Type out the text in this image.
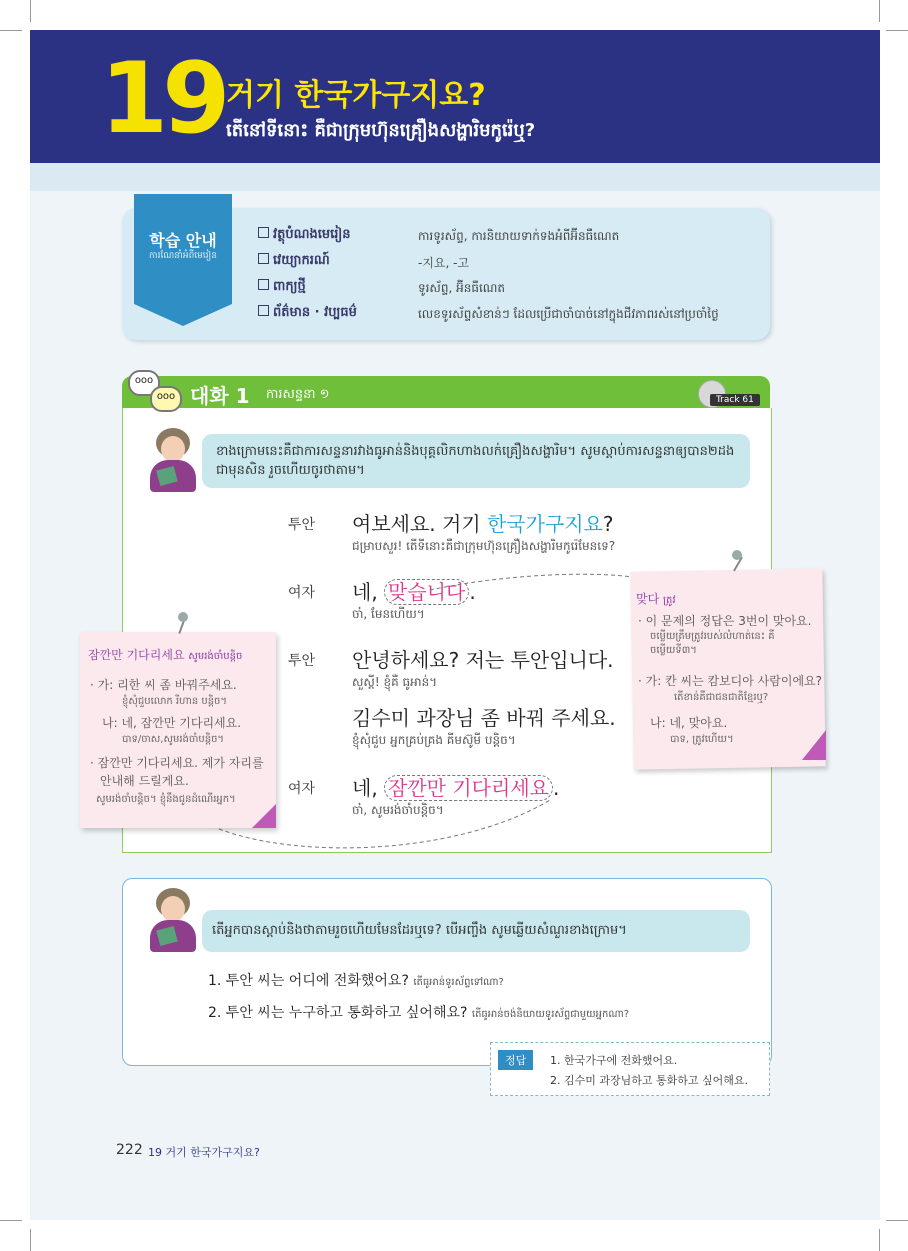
19 거기 한국가구지요?
តើនៅទីនោះ គឺជាក្រុមហ៊ុនគ្រឿងសង្ហារិមកូរ៉េឬ?
학습 안내
ការណែនាំអំពីមេរៀន
វត្ថុបំណងមេរៀន	ការទូរស័ព្ទ, ការនិយាយទាក់ទងអំពីអ៊ីនធឺណេត
វេយ្យាករណ៍	-지요, -고
ពាក្យថ្មី	ទូរស័ព្ទ, អ៊ីនធឺណេត
ព័ត៌មាន · វប្បធម៌	លេខទូរស័ព្ទសំខាន់ៗ ដែលប្រើជាចាំបាច់នៅក្នុងជីវភាពរស់នៅប្រចាំថ្ងៃ
ooo
ooo 대화 1 ការសន្ទនា ១	Track 61
ខាងក្រោមនេះគឺជាការសន្ទនារវាងធូអាន់និងបុគ្គលិកហាងលក់គ្រឿងសង្ហារិម។ សូមស្តាប់ការសន្ទនាឲ្យបាន២ដងជាមុនសិន រួចហើយចូរថាតាម។
투안 여보세요. 거기 한국가구지요?
ជម្រាបសួរ! តើទីនោះគឺជាក្រុមហ៊ុនគ្រឿងសង្ហារិមកូរ៉េមែនទេ?
여자 네, 맞습니다 .
ចា៎, មែនហើយ។
투안 안녕하세요? 저는 투안입니다.
សួស្តី! ខ្ញុំគឺ ធូអាន់។
김수미 과장님 좀 바꿔 주세요.
ខ្ញុំសុំជួប អ្នកគ្រប់គ្រង គីមស៊ូមី បន្តិច។
여자 네, 잠깐만 기다리세요 .
ចា៎, សូមរង់ចាំបន្តិច។
잠깐만 기다리세요 សូមរង់ចាំបន្តិច
· 가: 리한 씨 좀 바꿔주세요.
ខ្ញុំសុំជួបលោក រីហាន បន្តិច។
나: 네, 잠깐만 기다리세요.
បាទ/ចាស,សូមរង់ចាំបន្តិច។
· 잠깐만 기다리세요. 제가 자리를
안내해 드릴게요.
សូមរង់ចាំបន្តិច។ ខ្ញុំនឹងជូនដំណើរអ្នក។
맞다 ត្រូវ
· 이 문제의 정답은 3번이 맞아요.
ចម្លើយត្រឹមត្រូវរបស់លំហាត់នេះ គឺចម្លើយទី៣។
· 가: 칸 씨는 캄보디아 사람이에요?
តើខាន់គឺជាជនជាតិខ្មែរឬ?
나: 네, 맞아요.
បាទ, ត្រូវហើយ។
តើអ្នកបានស្តាប់និងថាតាមរួចហើយមែនដែរឬទេ? បើអញ្ចឹង សូមឆ្លើយសំណួរខាងក្រោម។
1. 투안 씨는 어디에 전화했어요? តើធូអាន់ទូរស័ព្ទទៅណា?
2. 투안 씨는 누구하고 통화하고 싶어해요? តើធូអាន់ចង់និយាយទូរស័ព្ទជាមួយអ្នកណា?
정답	1. 한국가구에 전화했어요.
2. 김수미 과장님하고 통화하고 싶어해요.
222 19 거기 한국가구지요?
